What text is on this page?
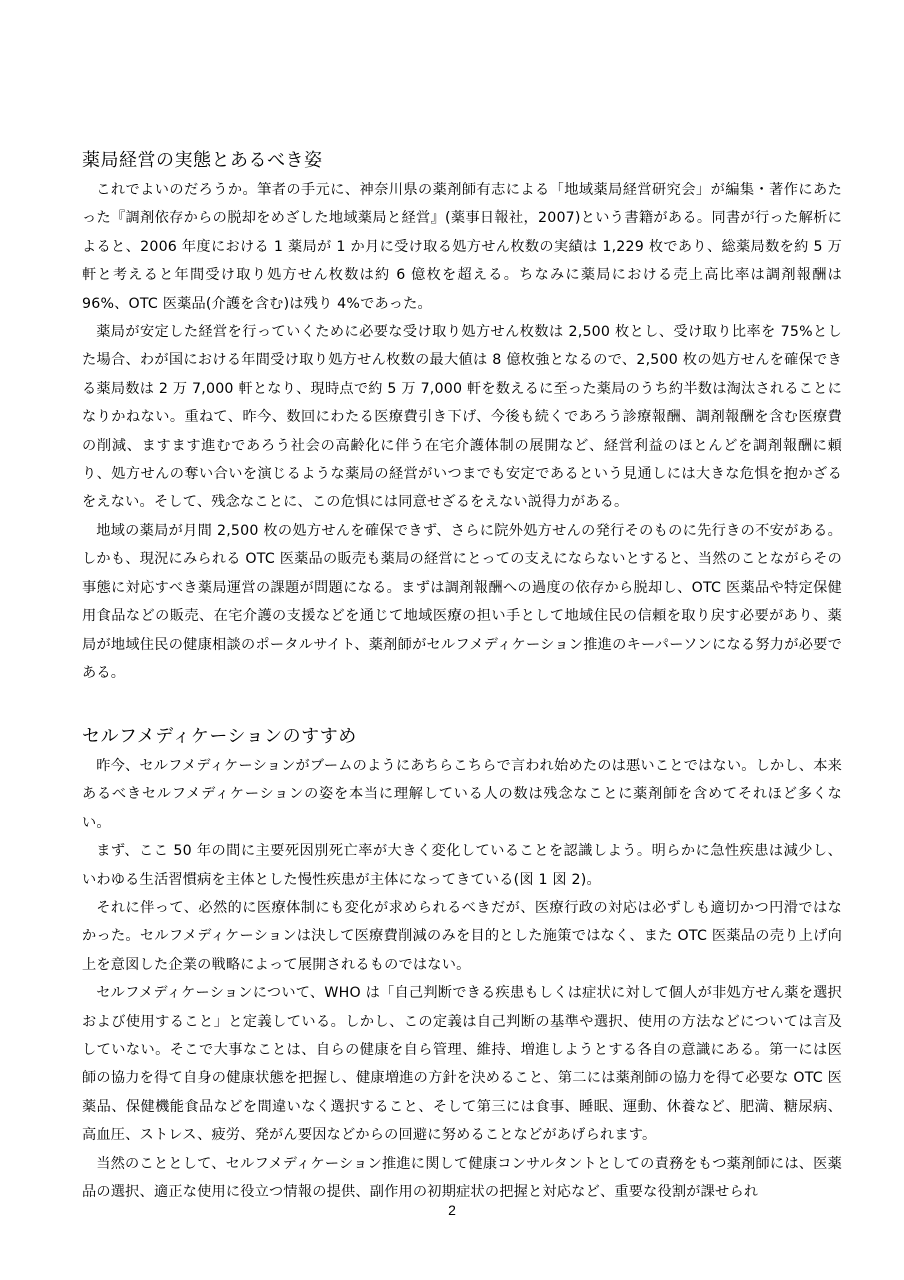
薬局経営の実態とあるべき姿

これでよいのだろうか。筆者の手元に、神奈川県の薬剤師有志による「地域薬局経営研究会」が編集・著作にあたった『調剤依存からの脱却をめざした地域薬局と経営』(薬事日報社，2007)という書籍がある。同書が行った解析によると、2006 年度における 1 薬局が 1 か月に受け取る処方せん枚数の実績は 1,229 枚であり、総薬局数を約 5 万軒と考えると年間受け取り処方せん枚数は約 6 億枚を超える。ちなみに薬局における売上高比率は調剤報酬は 96%、OTC 医薬品(介護を含む)は残り 4%であった。

薬局が安定した経営を行っていくために必要な受け取り処方せん枚数は 2,500 枚とし、受け取り比率を 75%とした場合、わが国における年間受け取り処方せん枚数の最大値は 8 億枚強となるので、2,500 枚の処方せんを確保できる薬局数は 2 万 7,000 軒となり、現時点で約 5 万 7,000 軒を数えるに至った薬局のうち約半数は淘汰されることになりかねない。重ねて、昨今、数回にわたる医療費引き下げ、今後も続くであろう診療報酬、調剤報酬を含む医療費の削減、ますます進むであろう社会の高齢化に伴う在宅介護体制の展開など、経営利益のほとんどを調剤報酬に頼り、処方せんの奪い合いを演じるような薬局の経営がいつまでも安定であるという見通しには大きな危惧を抱かざるをえない。そして、残念なことに、この危惧には同意せざるをえない説得力がある。

地域の薬局が月間 2,500 枚の処方せんを確保できず、さらに院外処方せんの発行そのものに先行きの不安がある。しかも、現況にみられる OTC 医薬品の販売も薬局の経営にとっての支えにならないとすると、当然のことながらその事態に対応すべき薬局運営の課題が問題になる。まずは調剤報酬への過度の依存から脱却し、OTC 医薬品や特定保健用食品などの販売、在宅介護の支援などを通じて地域医療の担い手として地域住民の信頼を取り戻す必要があり、薬局が地域住民の健康相談のポータルサイト、薬剤師がセルフメディケーション推進のキーパーソンになる努力が必要である。

セルフメディケーションのすすめ

昨今、セルフメディケーションがブームのようにあちらこちらで言われ始めたのは悪いことではない。しかし、本来あるべきセルフメディケーションの姿を本当に理解している人の数は残念なことに薬剤師を含めてそれほど多くない。

まず、ここ 50 年の間に主要死因別死亡率が大きく変化していることを認識しよう。明らかに急性疾患は減少し、いわゆる生活習慣病を主体とした慢性疾患が主体になってきている(図 1 図 2)。

それに伴って、必然的に医療体制にも変化が求められるべきだが、医療行政の対応は必ずしも適切かつ円滑ではなかった。セルフメディケーションは決して医療費削減のみを目的とした施策ではなく、また OTC 医薬品の売り上げ向上を意図した企業の戦略によって展開されるものではない。

セルフメディケーションについて、WHO は「自己判断できる疾患もしくは症状に対して個人が非処方せん薬を選択および使用すること」と定義している。しかし、この定義は自己判断の基準や選択、使用の方法などについては言及していない。そこで大事なことは、自らの健康を自ら管理、維持、増進しようとする各自の意識にある。第一には医師の協力を得て自身の健康状態を把握し、健康増進の方針を決めること、第二には薬剤師の協力を得て必要な OTC 医薬品、保健機能食品などを間違いなく選択すること、そして第三には食事、睡眠、運動、休養など、肥満、糖尿病、高血圧、ストレス、疲労、発がん要因などからの回避に努めることなどがあげられます。

当然のこととして、セルフメディケーション推進に関して健康コンサルタントとしての責務をもつ薬剤師には、医薬品の選択、適正な使用に役立つ情報の提供、副作用の初期症状の把握と対応など、重要な役割が課せられ

2
